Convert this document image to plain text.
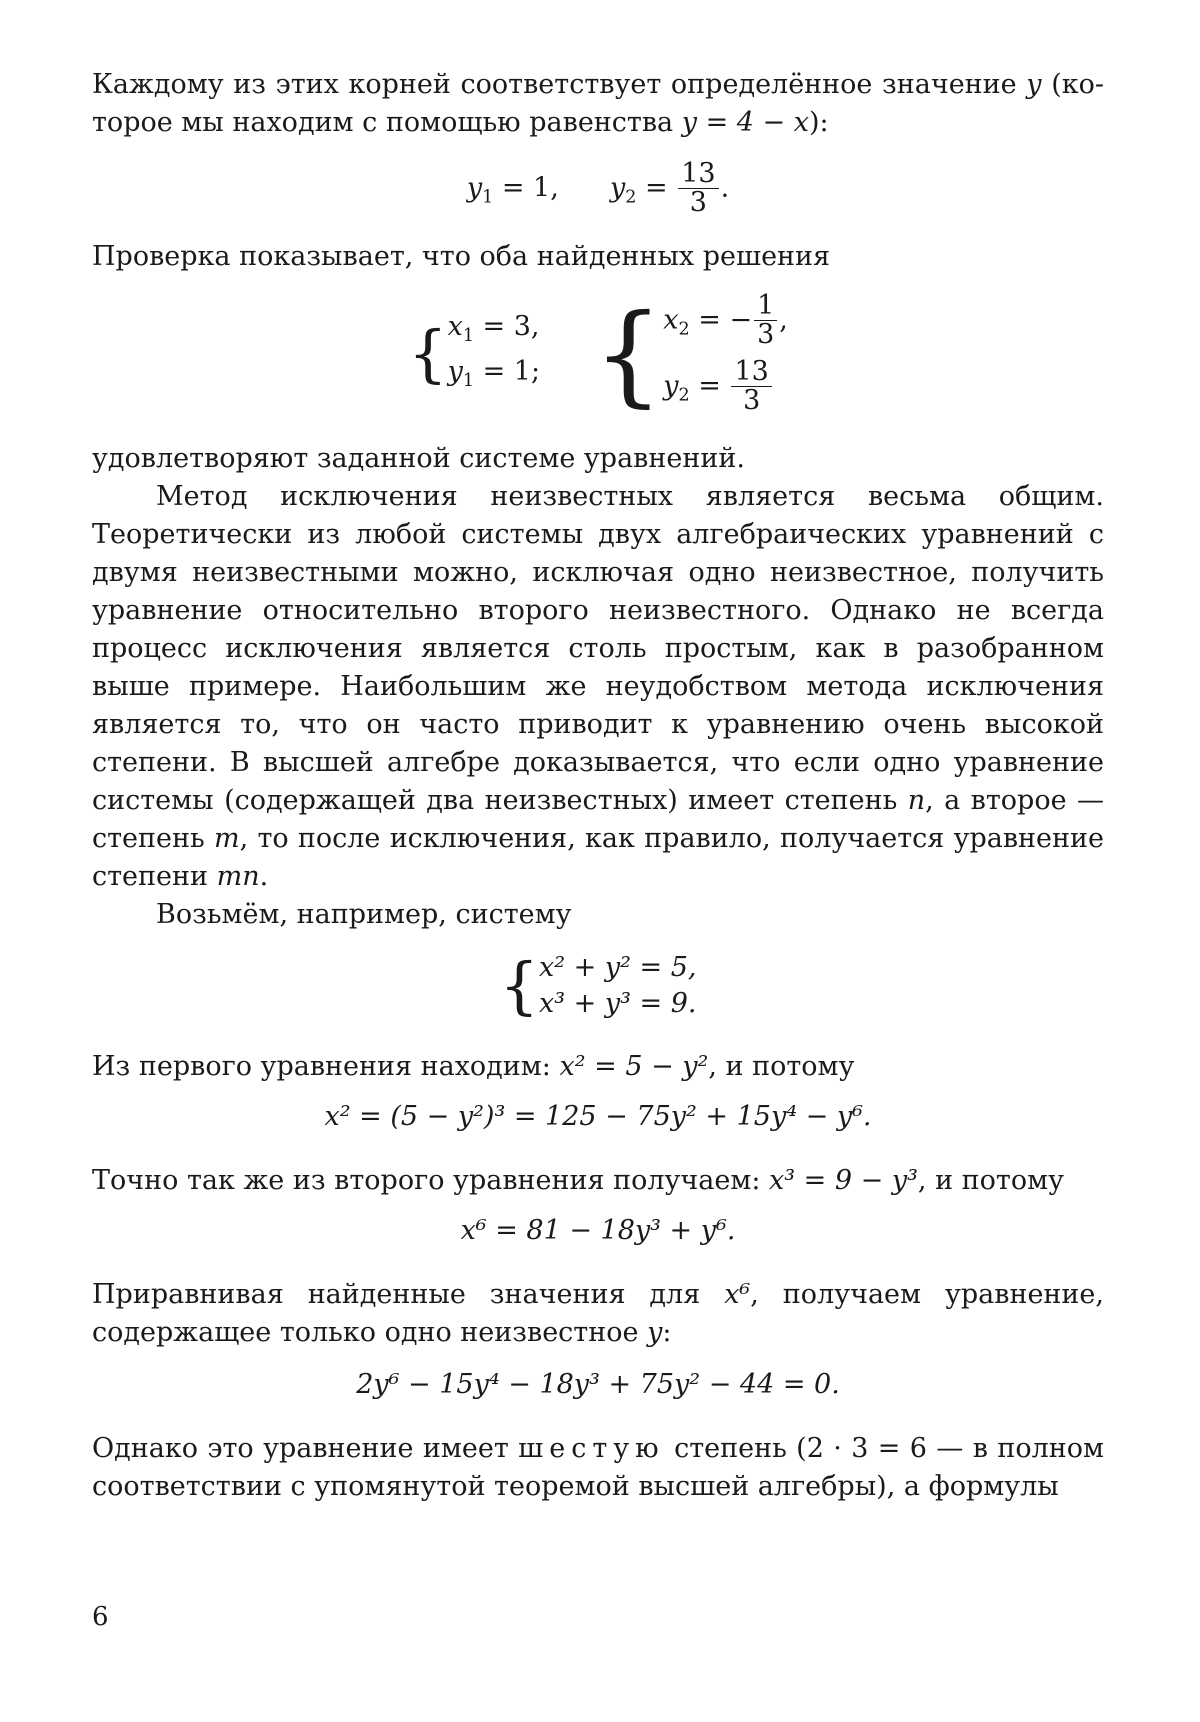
Каждому из этих корней соответствует определённое значение y (ко-торое мы находим с помощью равенства y = 4 − x):

$y_1 = 1$, $y_2 = \frac{13}{3}$ .

Проверка показывает, что оба найденных решения

{ $x_1 = 3$,
$y_1 = 1$;
{ $x_2$ = − $\frac{1}{3}$ ,
$y_2 = \frac{13}{3}$

удовлетворяют заданной системе уравнений.

Метод исключения неизвестных является весьма общим. Теоретически из любой системы двух алгебраических уравнений с двумя неизвестными можно, исключая одно неизвестное, получить уравнение относительно второго неизвестного. Однако не всегда процесс исключения является столь простым, как в разобранном выше примере. Наибольшим же неудобством метода исключения является то, что он часто приводит к уравнению очень высокой степени. В высшей алгебре доказывается, что если одно уравнение системы (содержащей два неизвестных) имеет степень n, а второе — степень m, то после исключения, как правило, получается уравнение степени mn.

Возьмём, например, систему

{ x² + y² = 5,
x³ + y³ = 9.

Из первого уравнения находим: x² = 5 − y², и потому

x² = (5 − y²)³ = 125 − 75y² + 15y⁴ − y⁶.

Точно так же из второго уравнения получаем: x³ = 9 − y³, и потому

x⁶ = 81 − 18y³ + y⁶.

Приравнивая найденные значения для x⁶, получаем уравнение, содержащее только одно неизвестное y:

2y⁶ − 15y⁴ − 18y³ + 75y² − 44 = 0.

Однако это уравнение имеет шестую степень (2 · 3 = 6 — в полном соответствии с упомянутой теоремой высшей алгебры), а формулы

6
